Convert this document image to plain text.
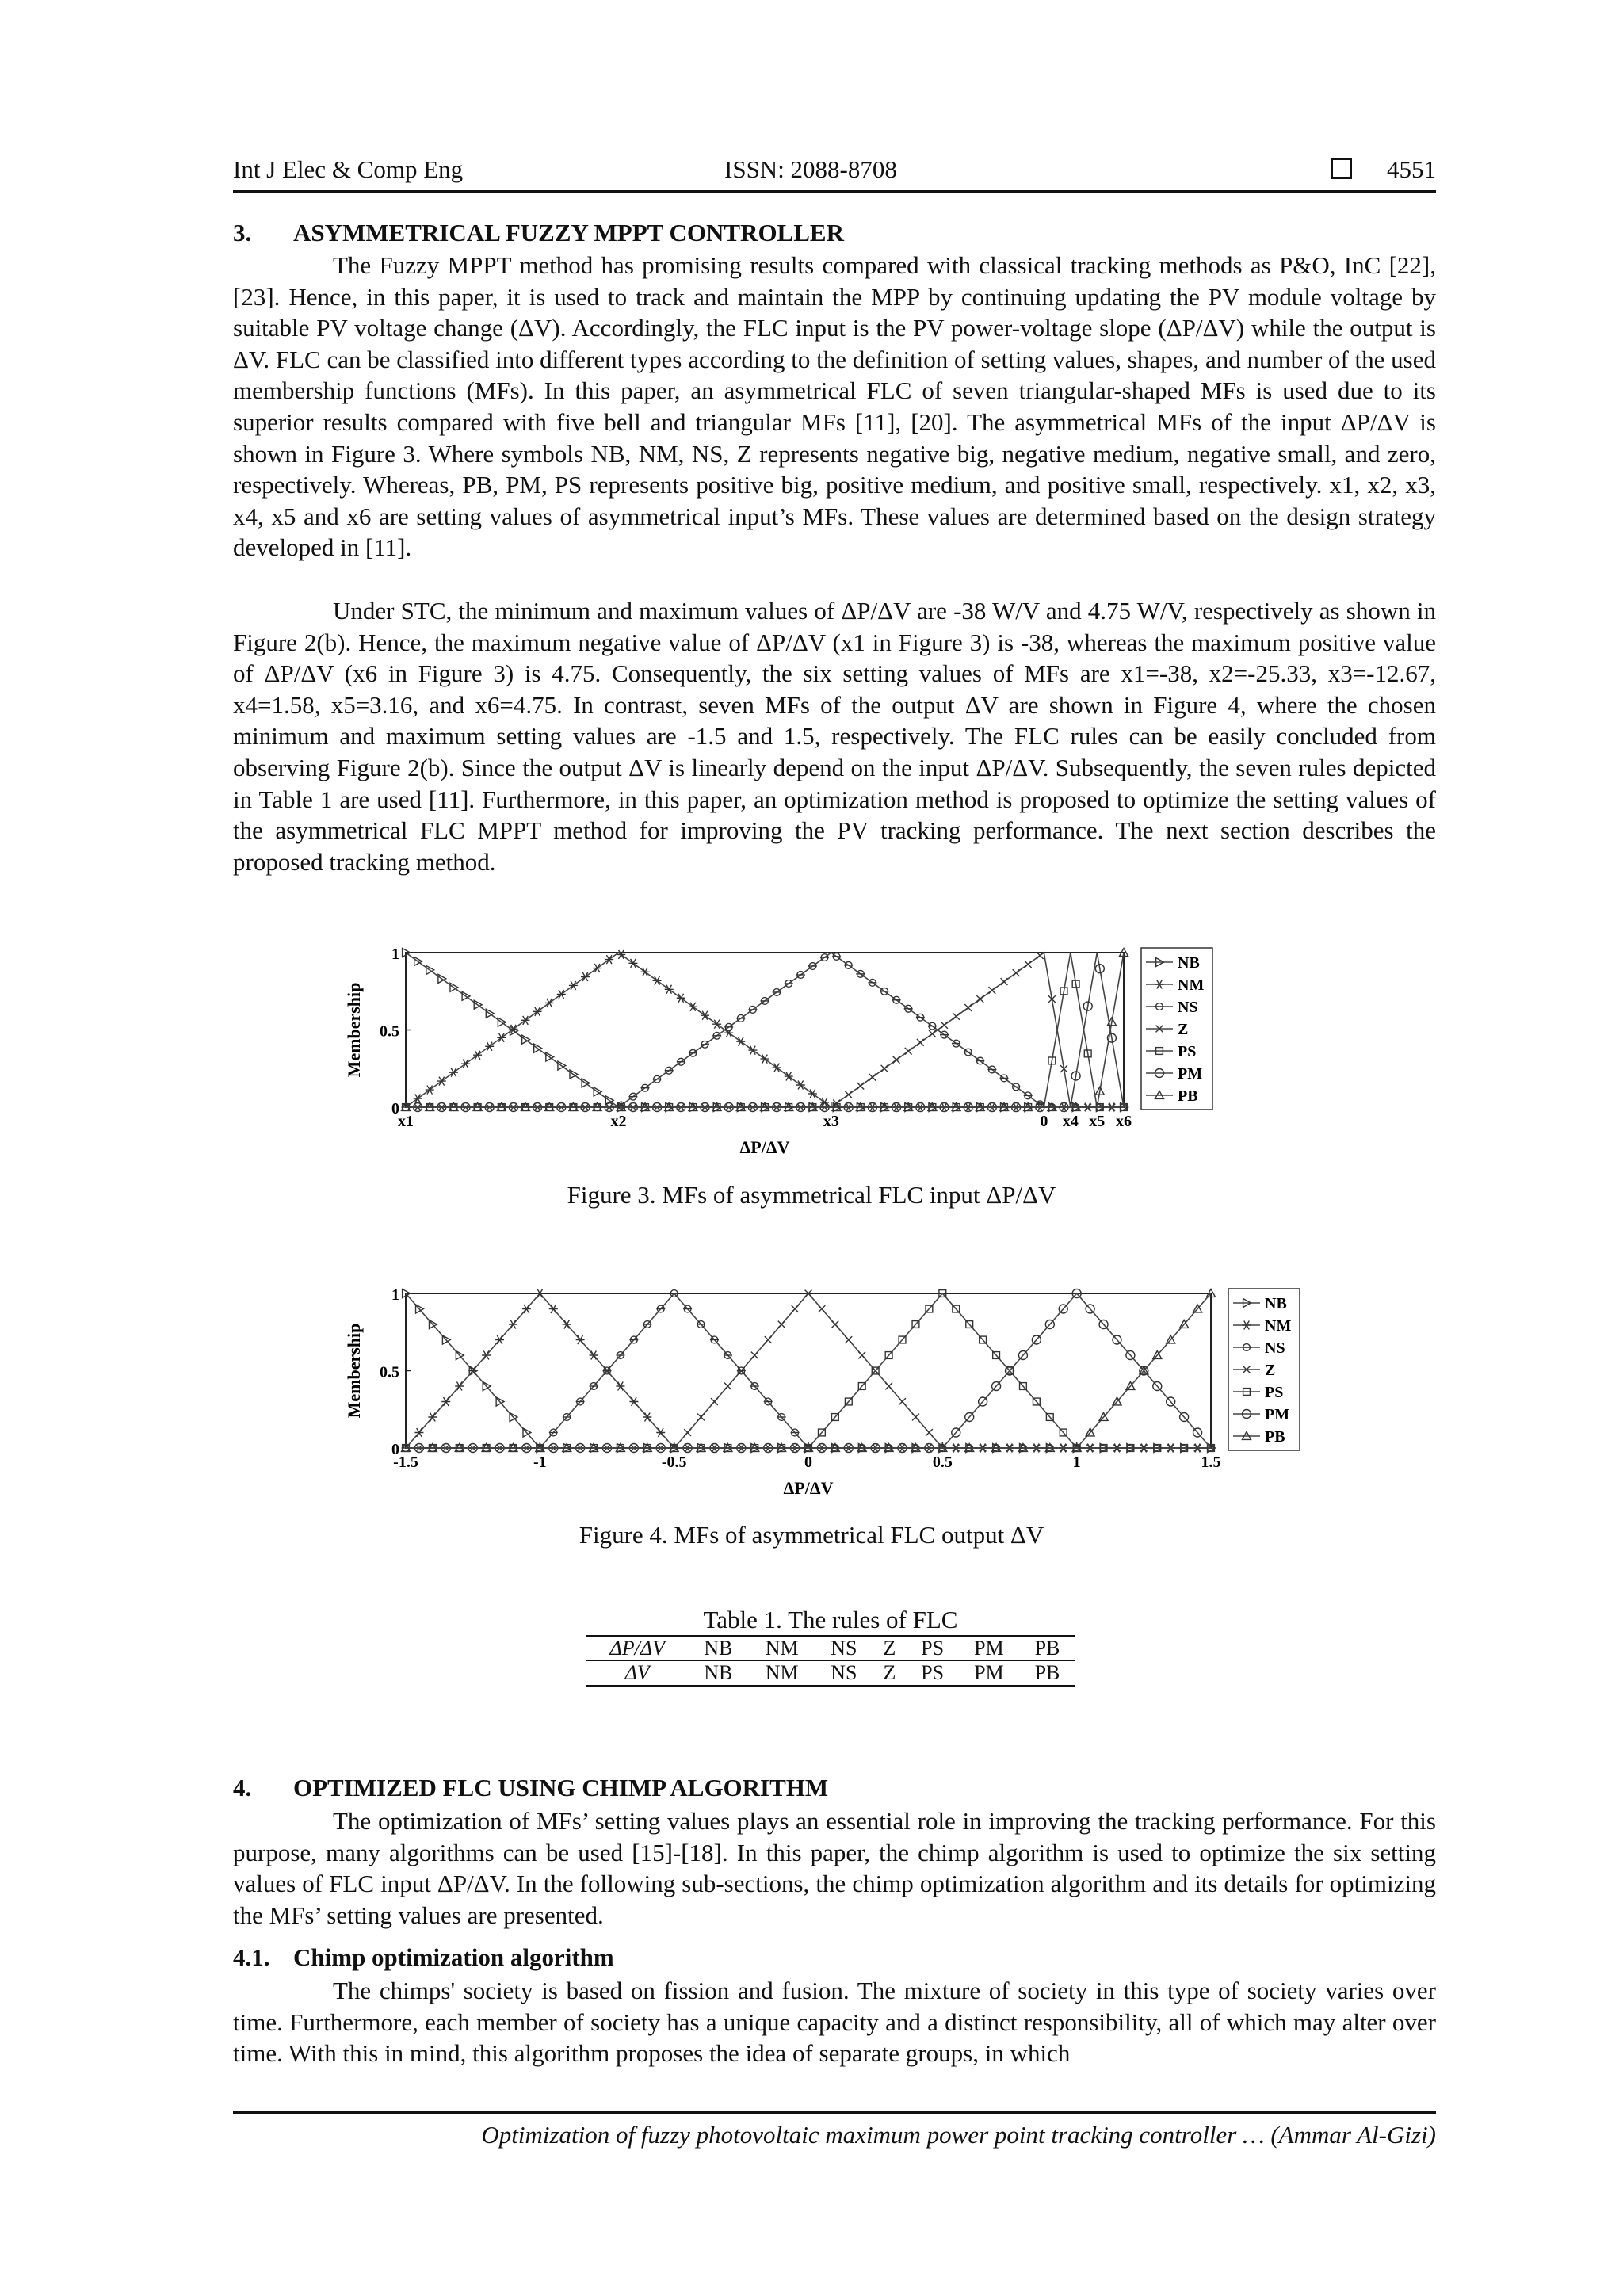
Int J Elec & Comp Eng	ISSN: 2088-8708	4551
3. ASYMMETRICAL FUZZY MPPT CONTROLLER

The Fuzzy MPPT method has promising results compared with classical tracking methods as P&O, InC [22], [23]. Hence, in this paper, it is used to track and maintain the MPP by continuing updating the PV module voltage by suitable PV voltage change (ΔV). Accordingly, the FLC input is the PV power-voltage slope (ΔP/ΔV) while the output is ΔV. FLC can be classified into different types according to the definition of setting values, shapes, and number of the used membership functions (MFs). In this paper, an asymmetrical FLC of seven triangular-shaped MFs is used due to its superior results compared with five bell and triangular MFs [11], [20]. The asymmetrical MFs of the input ΔP/ΔV is shown in Figure 3. Where symbols NB, NM, NS, Z represents negative big, negative medium, negative small, and zero, respectively. Whereas, PB, PM, PS represents positive big, positive medium, and positive small, respectively. x1, x2, x3, x4, x5 and x6 are setting values of asymmetrical input’s MFs. These values are determined based on the design strategy developed in [11].

Under STC, the minimum and maximum values of ΔP/ΔV are -38 W/V and 4.75 W/V, respectively as shown in Figure 2(b). Hence, the maximum negative value of ΔP/ΔV (x1 in Figure 3) is -38, whereas the maximum positive value of ΔP/ΔV (x6 in Figure 3) is 4.75. Consequently, the six setting values of MFs are x1=-38, x2=-25.33, x3=-12.67, x4=1.58, x5=3.16, and x6=4.75. In contrast, seven MFs of the output ΔV are shown in Figure 4, where the chosen minimum and maximum setting values are -1.5 and 1.5, respectively. The FLC rules can be easily concluded from observing Figure 2(b). Since the output ΔV is linearly depend on the input ΔP/ΔV. Subsequently, the seven rules depicted in Table 1 are used [11]. Furthermore, in this paper, an optimization method is proposed to optimize the setting values of the asymmetrical FLC MPPT method for improving the PV tracking performance. The next section describes the proposed tracking method.

0
0.5
1
x1	x2	x3	0 x4 x5 x6
ΔP/ΔV
Membership
NB
NM
NS
Z
PS
PM
PB
0
0.5
1
-1.5	-1	-0.5	0	0.5	1	1.5
ΔP/ΔV
Membership
NB
NM
NS
Z
PS
PM
PB
Figure 3. MFs of asymmetrical FLC input ΔP/ΔV
Figure 4. MFs of asymmetrical FLC output ΔV
Table 1. The rules of FLC							
ΔP/ΔV	NB	NM	NS	Z	PS	PM	PB
ΔV	NB	NM	NS	Z	PS	PM	PB
4. OPTIMIZED FLC USING CHIMP ALGORITHM

The optimization of MFs’ setting values plays an essential role in improving the tracking performance. For this purpose, many algorithms can be used [15]-[18]. In this paper, the chimp algorithm is used to optimize the six setting values of FLC input ΔP/ΔV. In the following sub-sections, the chimp optimization algorithm and its details for optimizing the MFs’ setting values are presented.

4.1. Chimp optimization algorithm

The chimps' society is based on fission and fusion. The mixture of society in this type of society varies over time. Furthermore, each member of society has a unique capacity and a distinct responsibility, all of which may alter over time. With this in mind, this algorithm proposes the idea of separate groups, in which

Optimization of fuzzy photovoltaic maximum power point tracking controller … (Ammar Al-Gizi)
